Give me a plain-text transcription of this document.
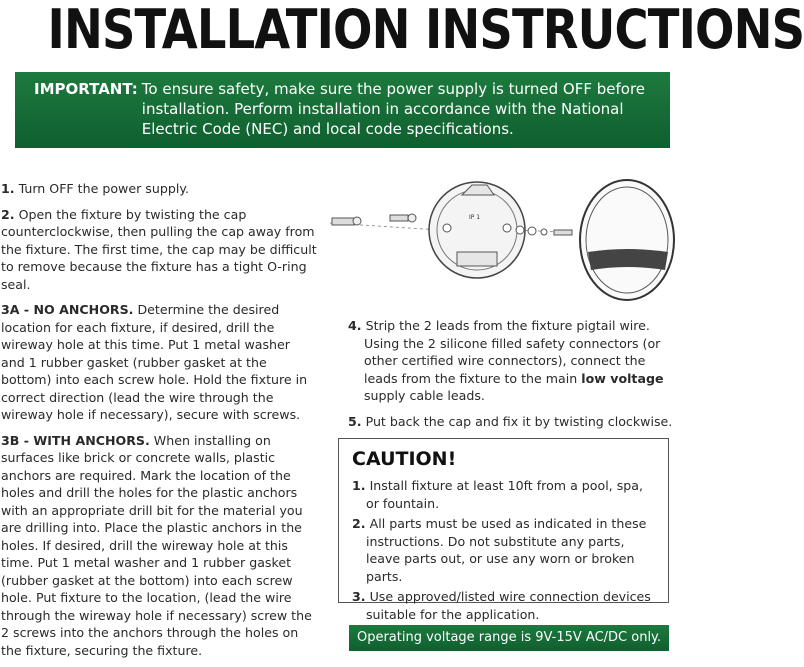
INSTALLATION INSTRUCTIONS
IMPORTANT: To ensure safety, make sure the power supply is turned OFF before installation. Perform installation in accordance with the National Electric Code (NEC) and local code specifications.
1. Turn OFF the power supply.
2. Open the fixture by twisting the cap counterclockwise, then pulling the cap away from the fixture. The first time, the cap may be difficult to remove because the fixture has a tight O-ring seal.
3A - NO ANCHORS. Determine the desired location for each fixture, if desired, drill the wireway hole at this time. Put 1 metal washer and 1 rubber gasket (rubber gasket at the bottom) into each screw hole. Hold the fixture in correct direction (lead the wire through the wireway hole if necessary), secure with screws.
3B - WITH ANCHORS. When installing on surfaces like brick or concrete walls, plastic anchors are required. Mark the location of the holes and drill the holes for the plastic anchors with an appropriate drill bit for the material you are drilling into. Place the plastic anchors in the holes. If desired, drill the wireway hole at this time. Put 1 metal washer and 1 rubber gasket (rubber gasket at the bottom) into each screw hole. Put fixture to the location, (lead the wire through the wireway hole if necessary) screw the 2 screws into the anchors through the holes on the fixture, securing the fixture.
IP 1
4. Strip the 2 leads from the fixture pigtail wire. Using the 2 silicone filled safety connectors (or other certified wire connectors), connect the leads from the fixture to the main low voltage supply cable leads.
5. Put back the cap and fix it by twisting clockwise.
CAUTION!
1. Install fixture at least 10ft from a pool, spa, or fountain.
2. All parts must be used as indicated in these instructions. Do not substitute any parts, leave parts out, or use any worn or broken parts.
3. Use approved/listed wire connection devices suitable for the application.
Operating voltage range is 9V-15V AC/DC only.
